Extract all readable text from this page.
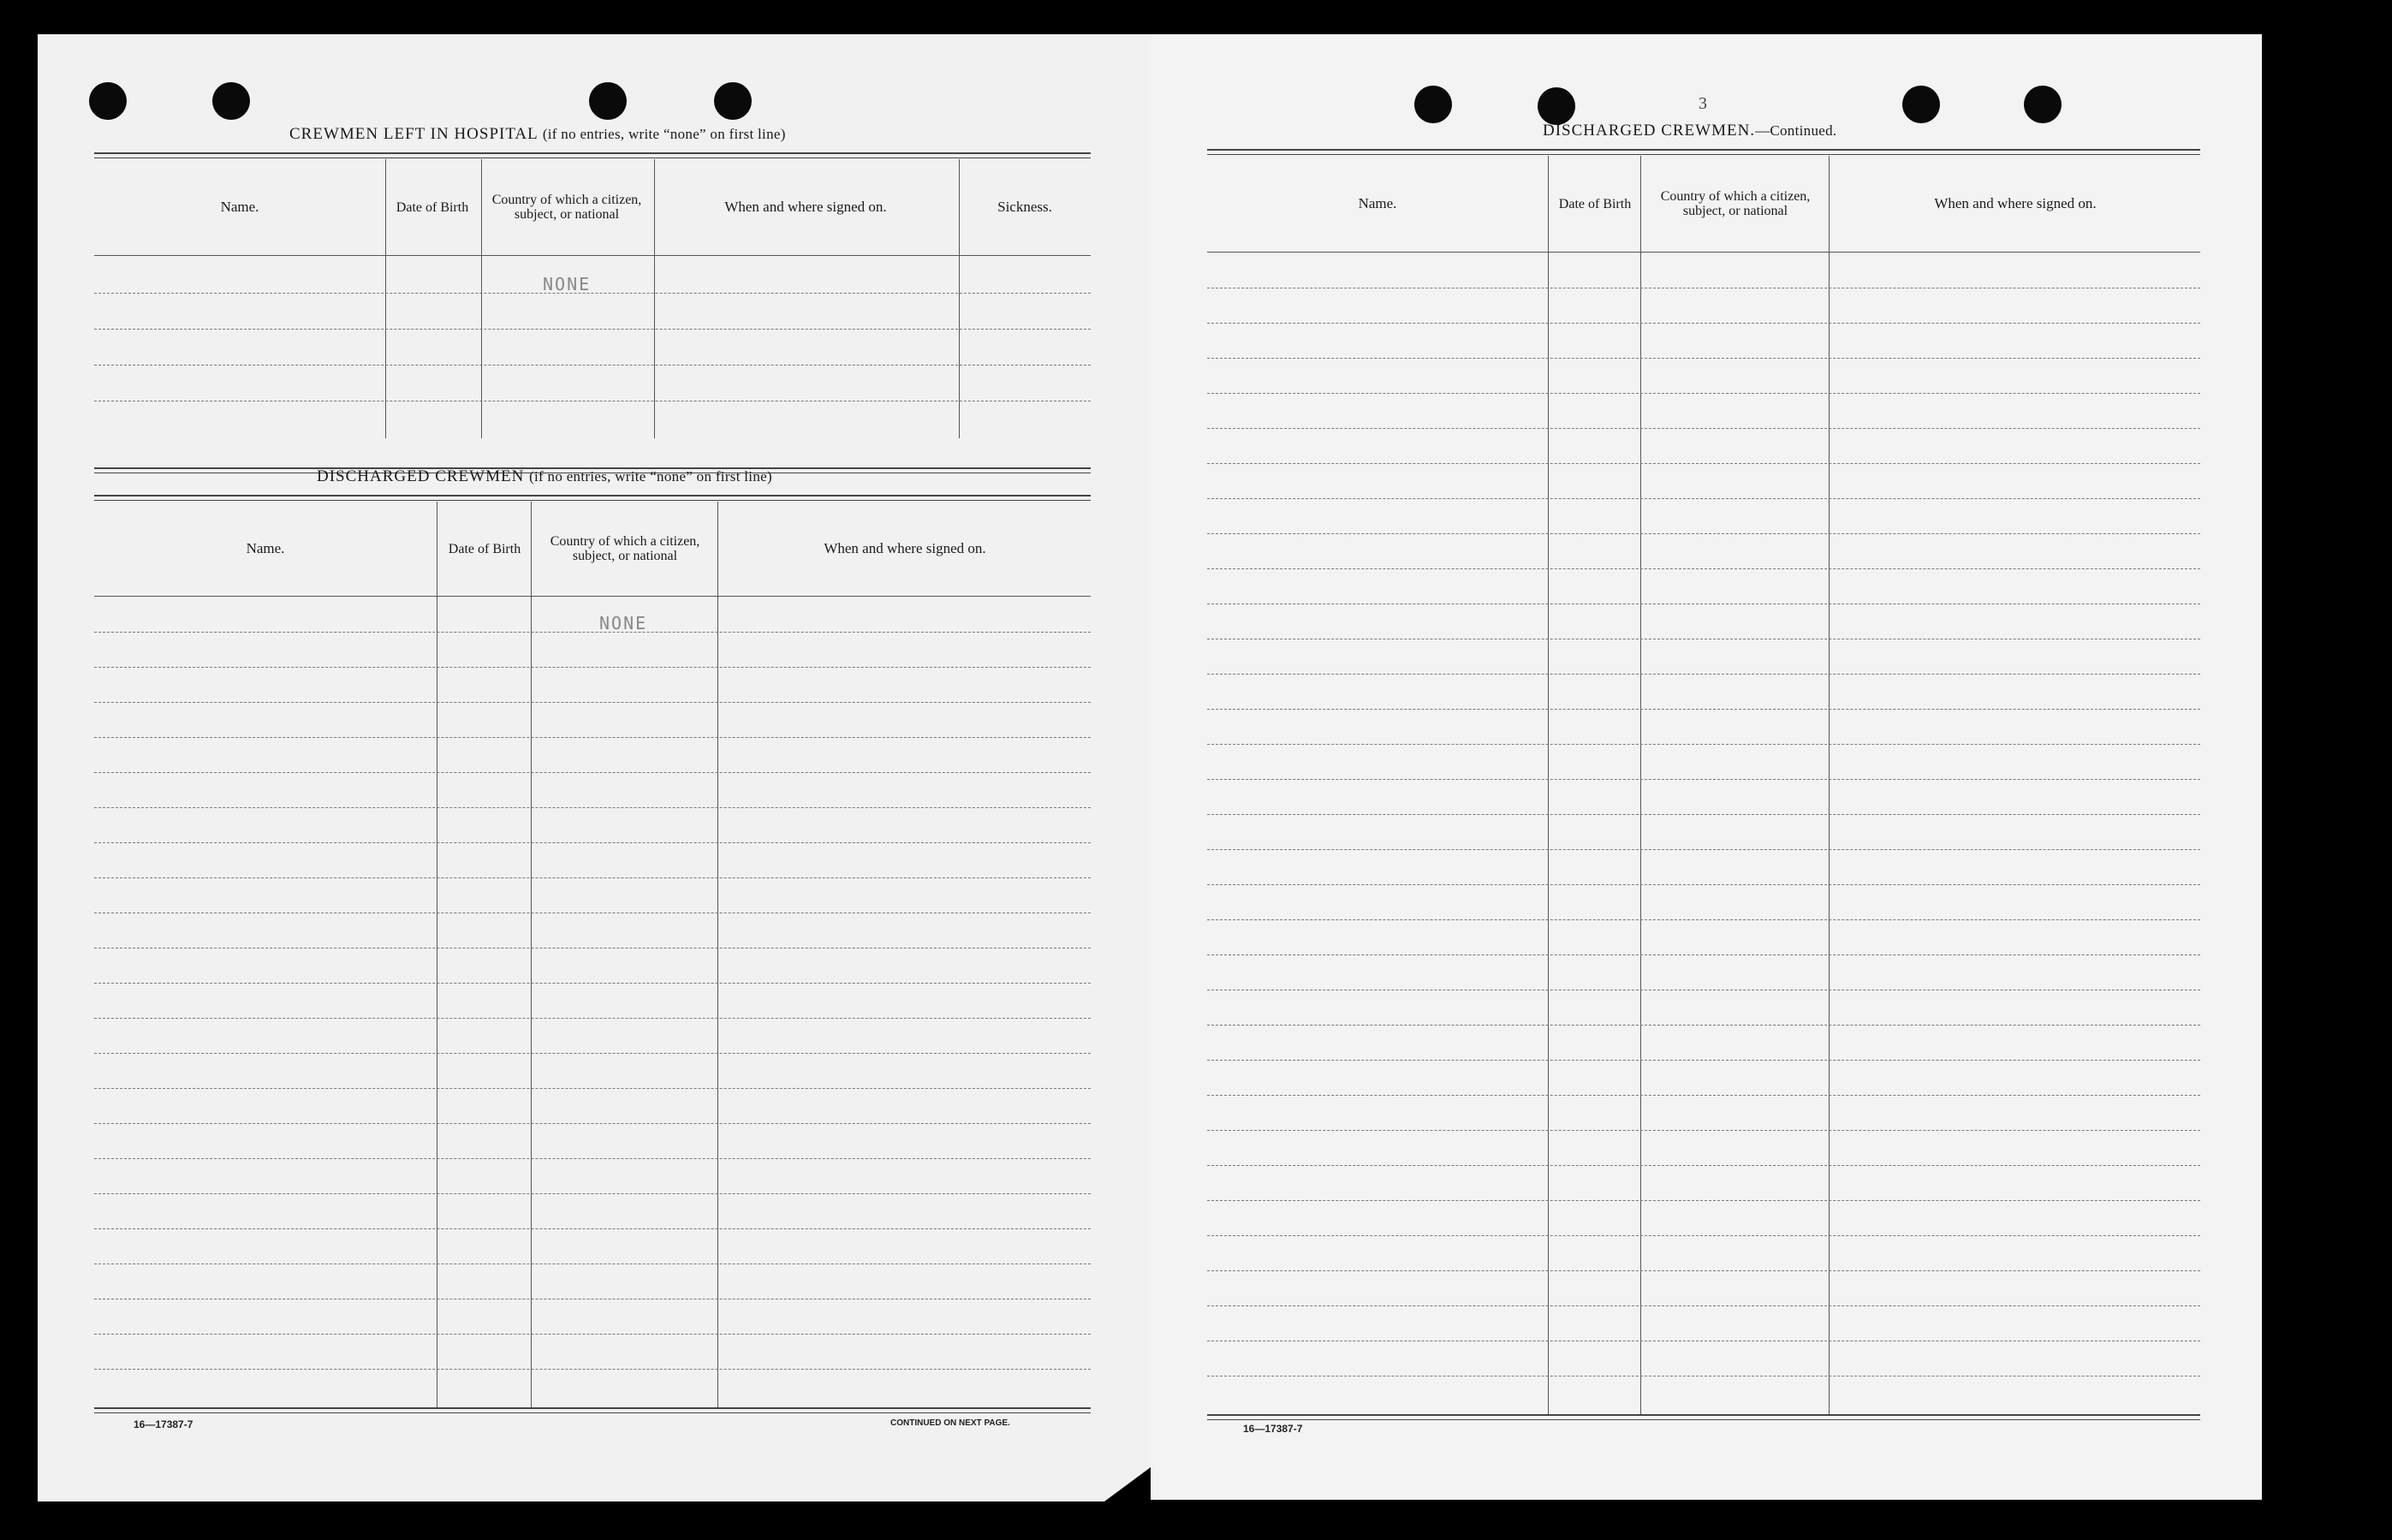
CREWMEN LEFT IN HOSPITAL (if no entries, write “none” on first line)
Name.	Date of Birth	Country of which a citizen, subject, or national	When and where signed on.	Sickness.
NONE
DISCHARGED CREWMEN (if no entries, write “none” on first line)
Name.	Date of Birth	Country of which a citizen, subject, or national	When and where signed on.
NONE
16—17387-7	CONTINUED ON NEXT PAGE.
3
DISCHARGED CREWMEN.—Continued.
Name.	Date of Birth	Country of which a citizen, subject, or national	When and where signed on.
16—17387-7
